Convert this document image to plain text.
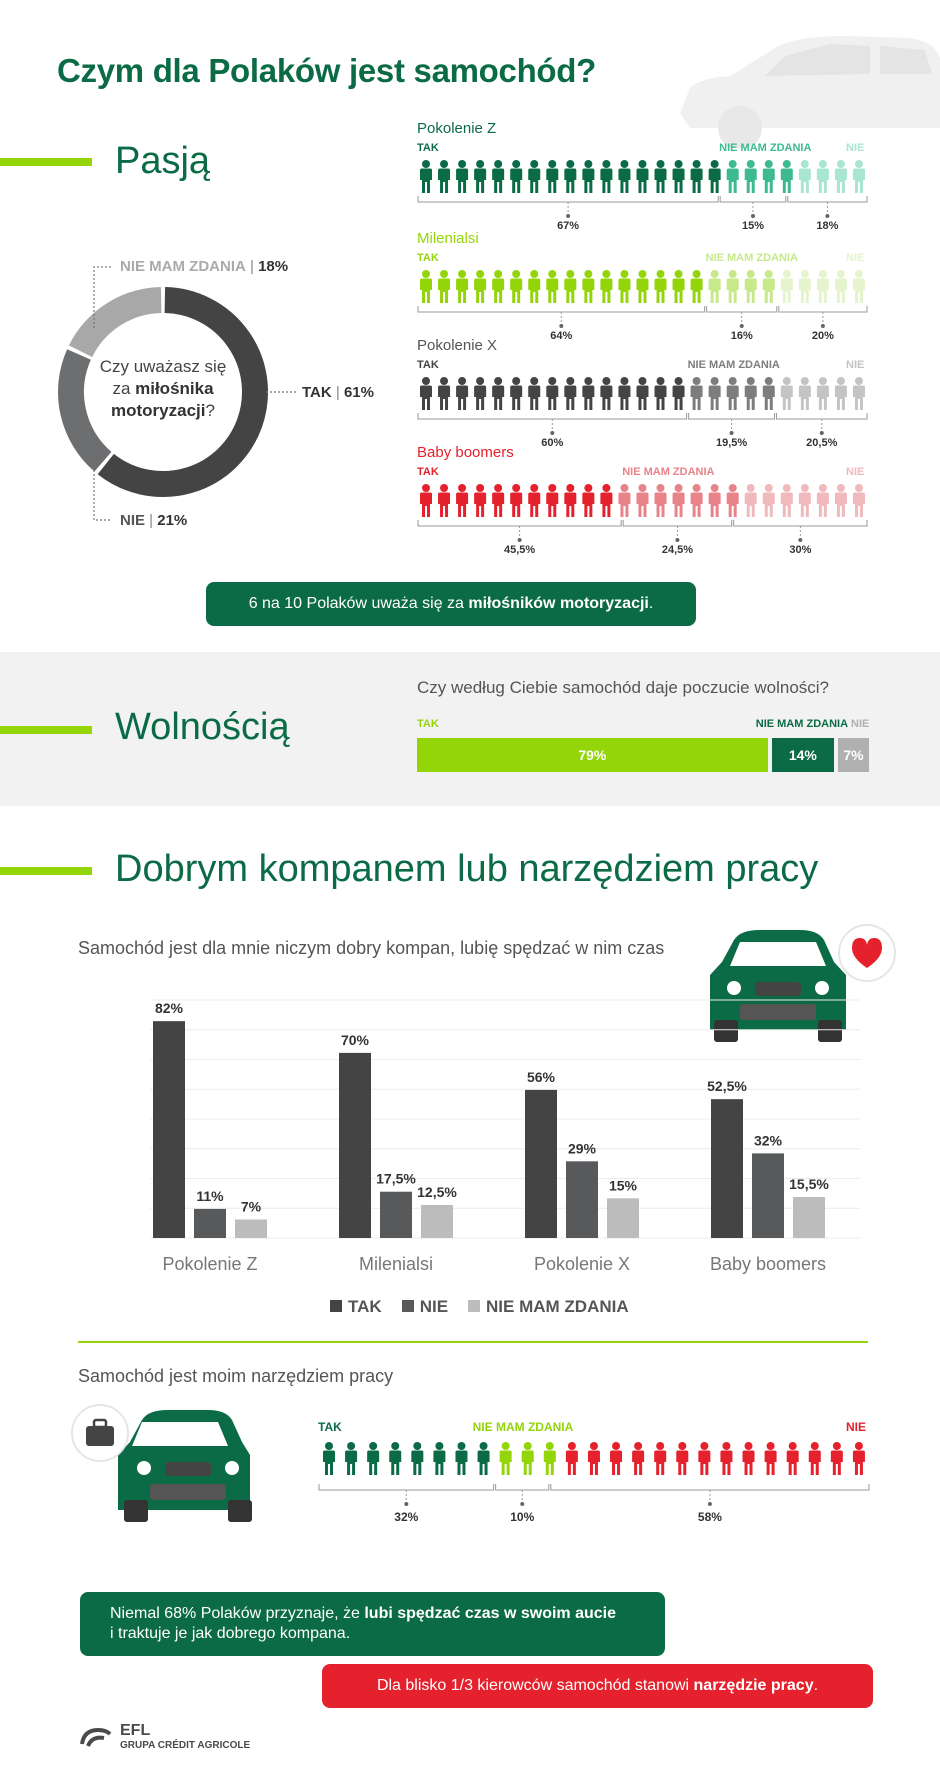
Czym dla Polaków jest samochód?
Pasją
Czy uważasz się
za miłośnika
motoryzacji?
NIE MAM ZDANIA | 18%
TAK | 61%
NIE | 21%
Pokolenie Z
TAK	NIE MAM ZDANIA	NIE
67%	15%	18%
Milenialsi
TAK	NIE MAM ZDANIA	NIE
64%	16%	20%
Pokolenie X
TAK	NIE MAM ZDANIA	NIE
60%	19,5%	20,5%
Baby boomers
TAK	NIE MAM ZDANIA	NIE
45,5%	24,5%	30%
6 na 10 Polaków uważa się za miłośników motoryzacji .
Wolnością
Czy według Ciebie samochód daje poczucie wolności?
79%	14%	7%
TAK	NIE MAM ZDANIA NIE
Dobrym kompanem lub narzędziem pracy
Samochód jest dla mnie niczym dobry kompan, lubię spędzać w nim czas
82%
11%
7%
Pokolenie Z
70%
17,5%
12,5%
Milenialsi
56%
29%
15%
Pokolenie X
52,5%
32%
15,5%
Baby boomers
TAK	NIE	NIE MAM ZDANIA
Samochód jest moim narzędziem pracy
TAK	NIE MAM ZDANIA	NIE
32%	10%	58%
Niemal 68% Polaków przyznaje, że lubi spędzać czas w swoim aucie
i traktuje je jak dobrego kompana.
Dla blisko 1/3 kierowców samochód stanowi narzędzie pracy .
EFL
GRUPA CRÉDIT AGRICOLE
